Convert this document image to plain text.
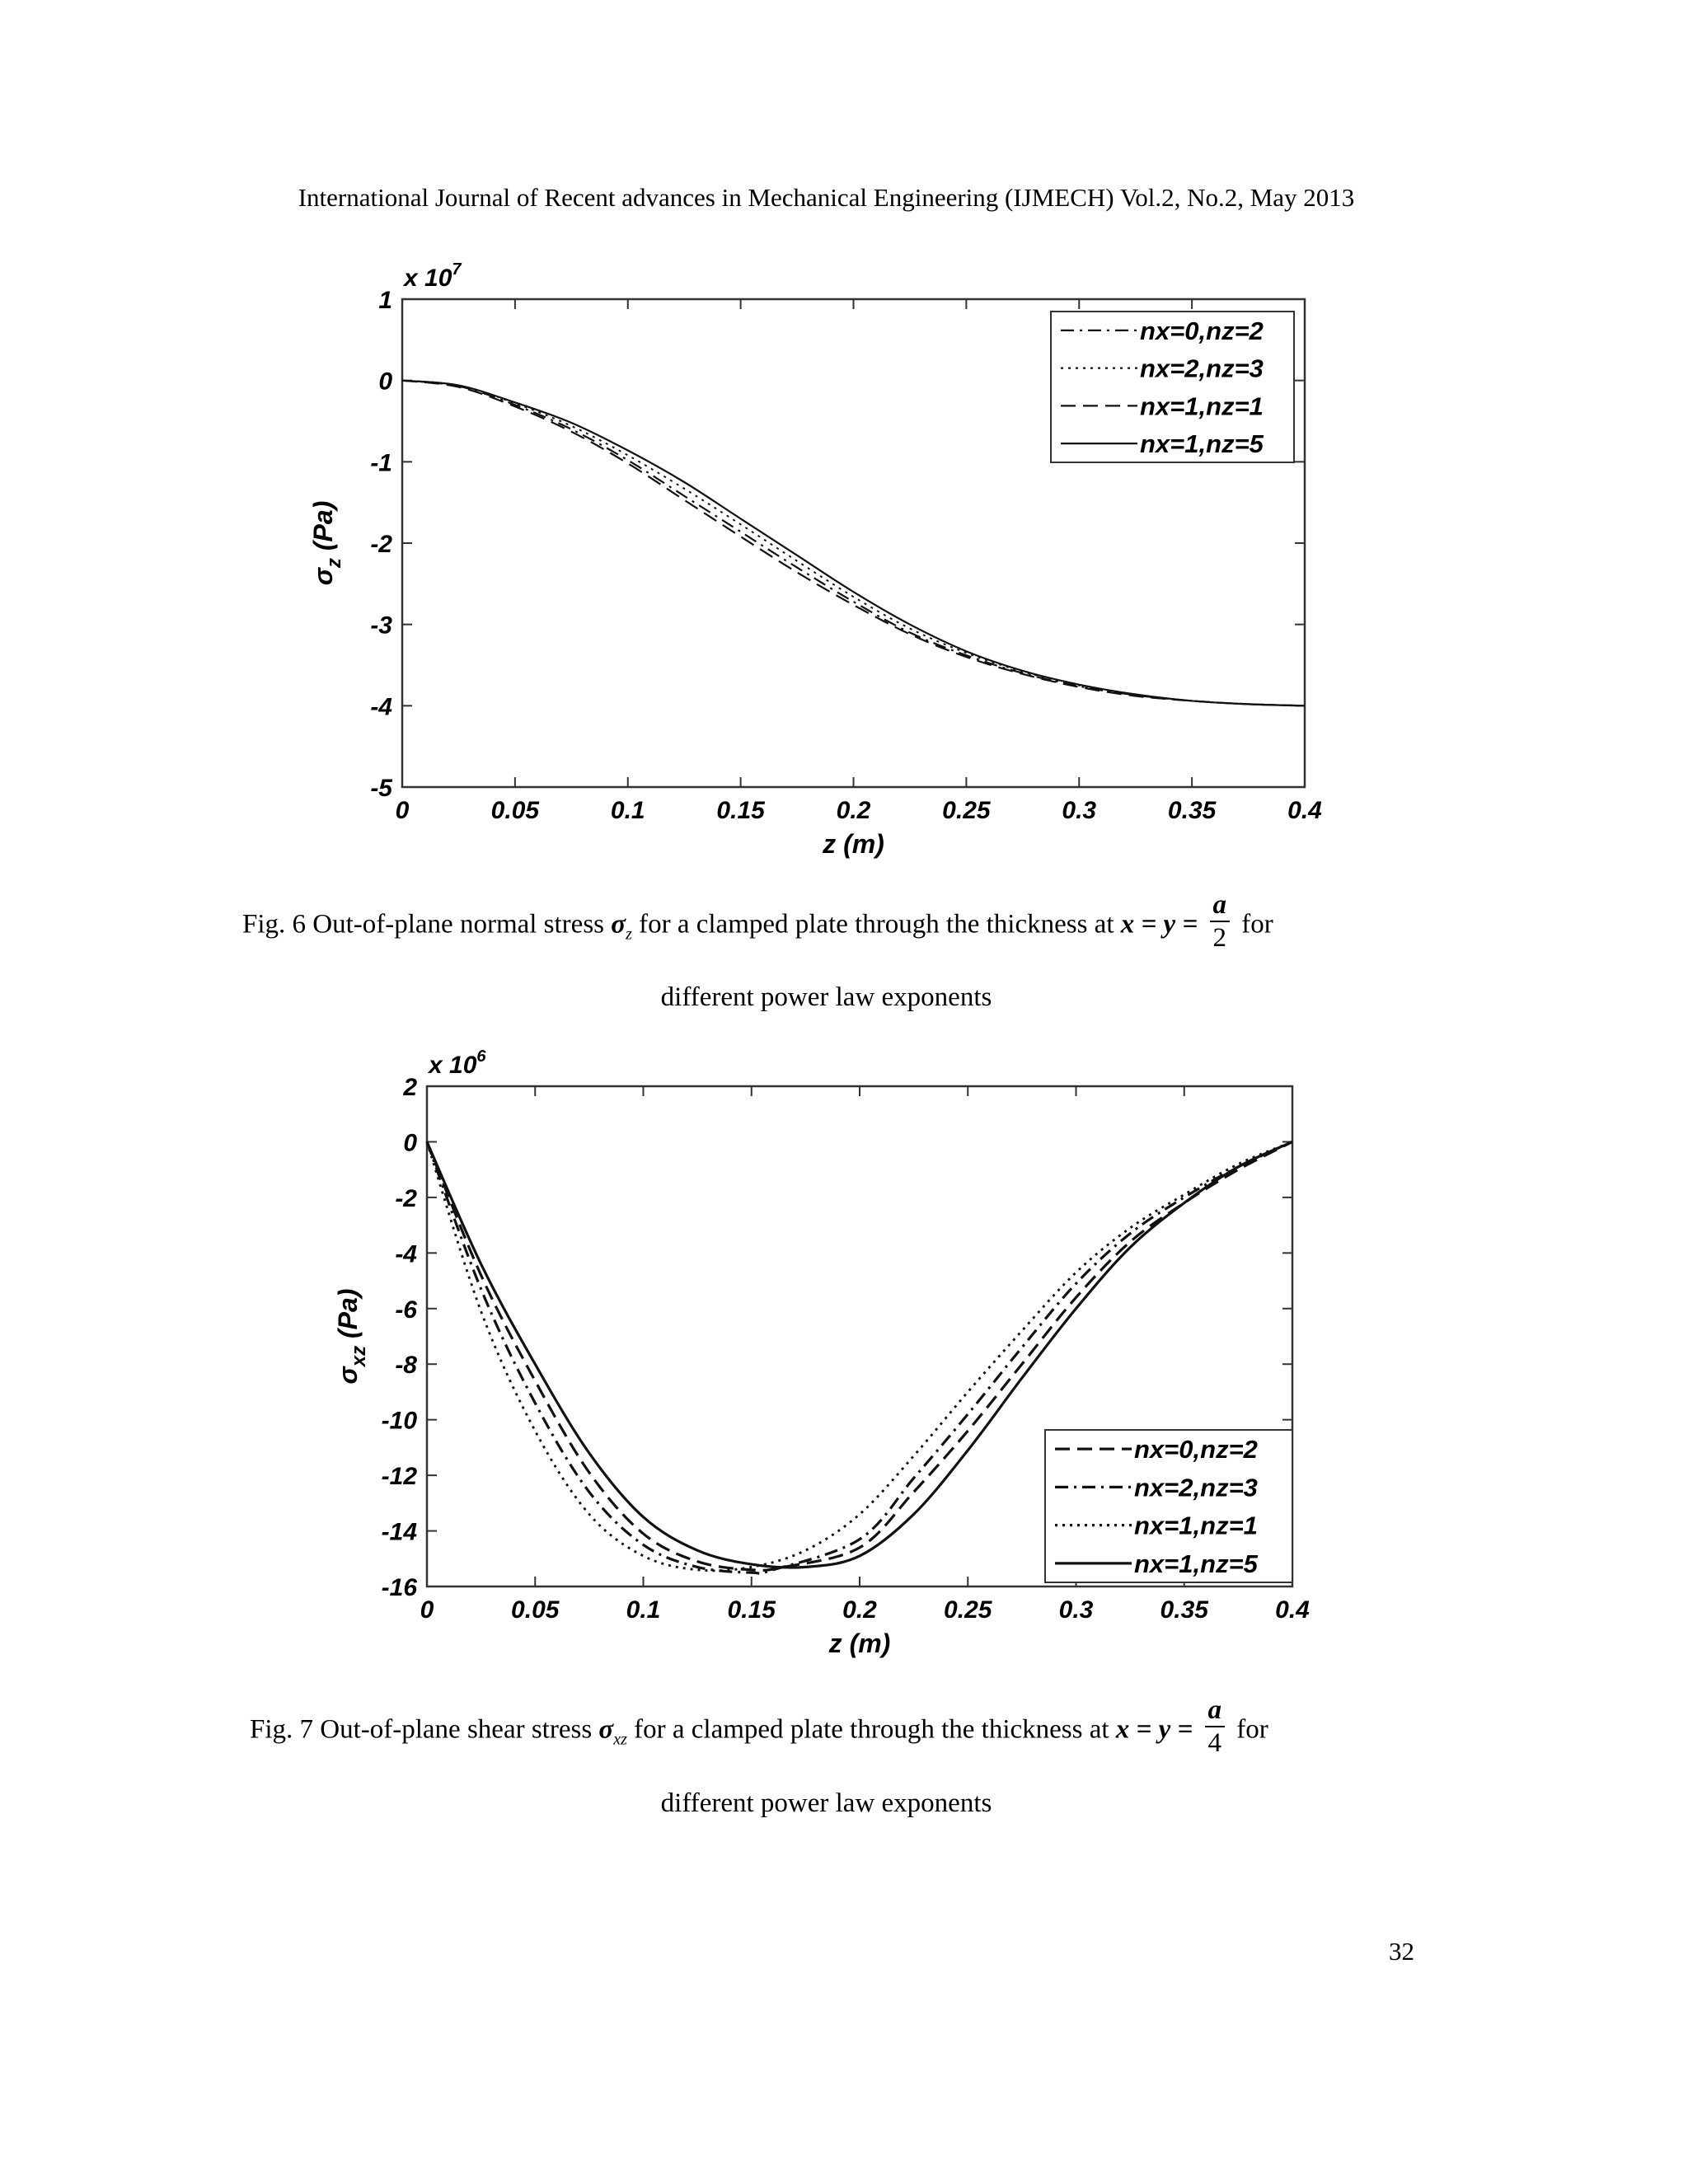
International Journal of Recent advances in Mechanical Engineering (IJMECH) Vol.2, No.2, May 2013
0	0.05	0.1	0.15	0.2	0.25	0.3	0.35	0.4
1
0
-1
-2
-3
-4
-5
x $10^7$
z (m)
$\sigma_z$ (Pa)
nx=0,nz=2
nx=2,nz=3
nx=1,nz=1
nx=1,nz=5
0	0.05	0.1	0.15	0.2	0.25	0.3	0.35	0.4
2
0
-2
-4
-6
-8
-10
-12
-14
-16
x $10^6$
z (m)
$\sigma_{xz}$ (Pa)
nx=0,nz=2
nx=2,nz=3
nx=1,nz=1
nx=1,nz=5
Fig. 6 Out-of-plane normal stress $\sigma_z$ for a clamped plate through the thickness at $x = y = \frac{a}{2}$ for
different power law exponents
Fig. 7 Out-of-plane shear stress $\sigma_{xz}$ for a clamped plate through the thickness at $x = y = \frac{a}{4}$ for
different power law exponents
32
